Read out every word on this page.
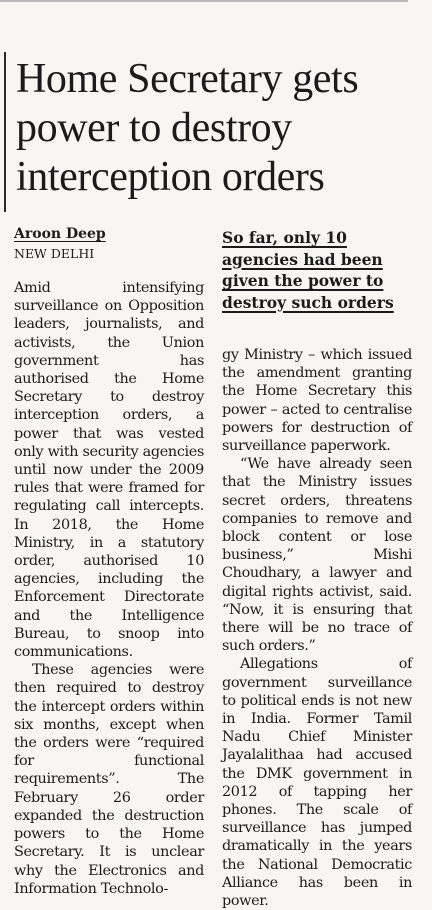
Home Secretary gets
power to destroy
interception orders
Aroon Deep
NEW DELHI
So far, only 10 agencies had been given the power to destroy such orders

Amid intensifying surveillance on Opposition leaders, journalists, and activists, the Union government has authorised the Home Secretary to destroy interception orders, a power that was vested only with security agencies until now under the 2009 rules that were framed for regulating call intercepts. In 2018, the Home Ministry, in a statutory order, authorised 10 agencies, including the Enforcement Directorate and the Intelligence Bureau, to snoop into communications.

These agencies were then required to destroy the intercept orders within six months, except when the orders were “required for functional requirements”. The February 26 order expanded the destruction powers to the Home Secretary. It is unclear why the Electronics and Information Technolo-

gy Ministry – which issued the amendment granting the Home Secretary this power – acted to centralise powers for destruction of surveillance paperwork.

“We have already seen that the Ministry issues secret orders, threatens companies to remove and block content or lose business,” Mishi Choudhary, a lawyer and digital rights activist, said. “Now, it is ensuring that there will be no trace of such orders.”

Allegations of government surveillance to political ends is not new in India. Former Tamil Nadu Chief Minister Jayalalithaa had accused the DMK government in 2012 of tapping her phones. The scale of surveillance has jumped dramatically in the years the National Democratic Alliance has been in power.
